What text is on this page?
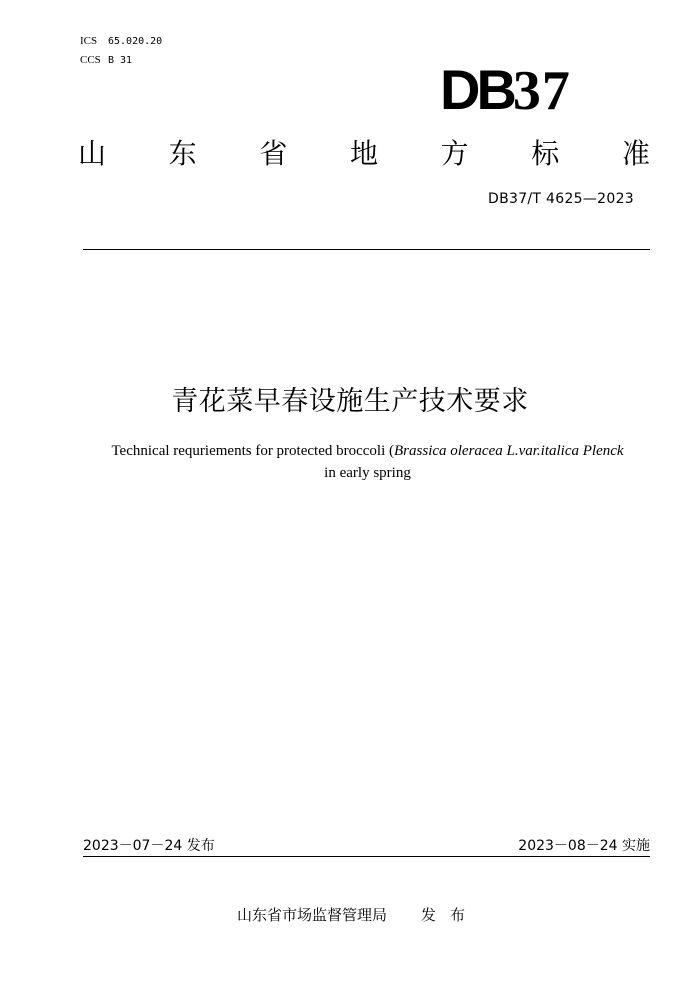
ICS 65.020.20
CCS B 31	DB37
山 东 省 地 方 标 准
DB37/T 4625—2023
青花菜早春设施生产技术要求
Technical requriements for protected broccoli (Brassica oleracea L.var.italica Plenck
in early spring
2023－07－24 发布	2023－08－24 实施
山东省市场监督管理局 发布
